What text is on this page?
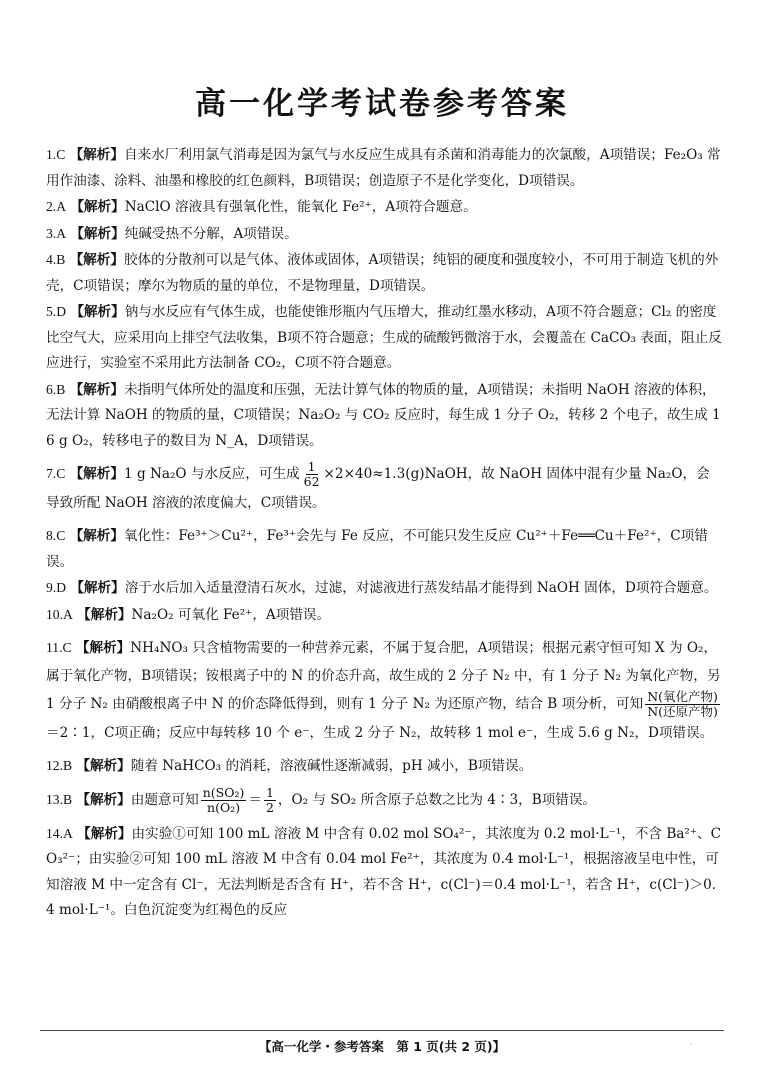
高一化学考试卷参考答案

1.C 【解析】自来水厂利用氯气消毒是因为氯气与水反应生成具有杀菌和消毒能力的次氯酸，A项错误；Fe₂O₃ 常用作油漆、涂料、油墨和橡胶的红色颜料，B项错误；创造原子不是化学变化，D项错误。

2.A 【解析】NaClO 溶液具有强氧化性，能氧化 Fe²⁺，A项符合题意。

3.A 【解析】纯碱受热不分解，A项错误。

4.B 【解析】胶体的分散剂可以是气体、液体或固体，A项错误；纯铝的硬度和强度较小，不可用于制造飞机的外壳，C项错误；摩尔为物质的量的单位，不是物理量，D项错误。

5.D 【解析】钠与水反应有气体生成，也能使锥形瓶内气压增大，推动红墨水移动，A项不符合题意；Cl₂ 的密度比空气大，应采用向上排空气法收集，B项不符合题意；生成的硫酸钙微溶于水，会覆盖在 CaCO₃ 表面，阻止反应进行，实验室不采用此方法制备 CO₂，C项不符合题意。

6.B 【解析】未指明气体所处的温度和压强，无法计算气体的物质的量，A项错误；未指明 NaOH 溶液的体积，无法计算 NaOH 的物质的量，C项错误；Na₂O₂ 与 CO₂ 反应时，每生成 1 分子 O₂，转移 2 个电子，故生成 16 g O₂，转移电子的数目为 N_A，D项错误。

7.C 【解析】1 g Na₂O 与水反应，可生成 $\frac{1}{62}$ ×2×40≈1.3(g)NaOH，故 NaOH 固体中混有少量 Na₂O，会导致所配 NaOH 溶液的浓度偏大，C项错误。

8.C 【解析】氧化性：Fe³⁺＞Cu²⁺，Fe³⁺会先与 Fe 反应，不可能只发生反应 Cu²⁺＋Fe══Cu＋Fe²⁺，C项错误。

9.D 【解析】溶于水后加入适量澄清石灰水，过滤，对滤液进行蒸发结晶才能得到 NaOH 固体，D项符合题意。

10.A 【解析】Na₂O₂ 可氧化 Fe²⁺，A项错误。

11.C 【解析】NH₄NO₃ 只含植物需要的一种营养元素，不属于复合肥，A项错误；根据元素守恒可知 X 为 O₂，属于氧化产物，B项错误；铵根离子中的 N 的价态升高，故生成的 2 分子 N₂ 中，有 1 分子 N₂ 为氧化产物，另 1 分子 N₂ 由硝酸根离子中 N 的价态降低得到，则有 1 分子 N₂ 为还原产物，结合 B 项分析，可知 $\frac{\text{N(氧化产物)}}{\text{N(还原产物)}}$
＝2∶1，C项正确；反应中每转移 10 个 e⁻，生成 2 分子 N₂，故转移 1 mol e⁻，生成 5.6 g N₂，D项错误。

12.B 【解析】随着 NaHCO₃ 的消耗，溶液碱性逐渐减弱，pH 减小，B项错误。

13.B 【解析】由题意可知 $\frac{\text{n(SO₂)}}{\text{n(O₂)}} = \frac{1}{2}$ ，O₂ 与 SO₂ 所含原子总数之比为 4∶3，B项错误。

14.A 【解析】由实验①可知 100 mL 溶液 M 中含有 0.02 mol SO₄²⁻，其浓度为 0.2 mol·L⁻¹，不含 Ba²⁺、CO₃²⁻；由实验②可知 100 mL 溶液 M 中含有 0.04 mol Fe²⁺，其浓度为 0.4 mol·L⁻¹，根据溶液呈电中性，可知溶液 M 中一定含有 Cl⁻，无法判断是否含有 H⁺，若不含 H⁺，c(Cl⁻)＝0.4 mol·L⁻¹，若含 H⁺，c(Cl⁻)＞0.4 mol·L⁻¹。白色沉淀变为红褐色的反应

【高一化学・参考答案　第 1 页(共 2 页)】	·
